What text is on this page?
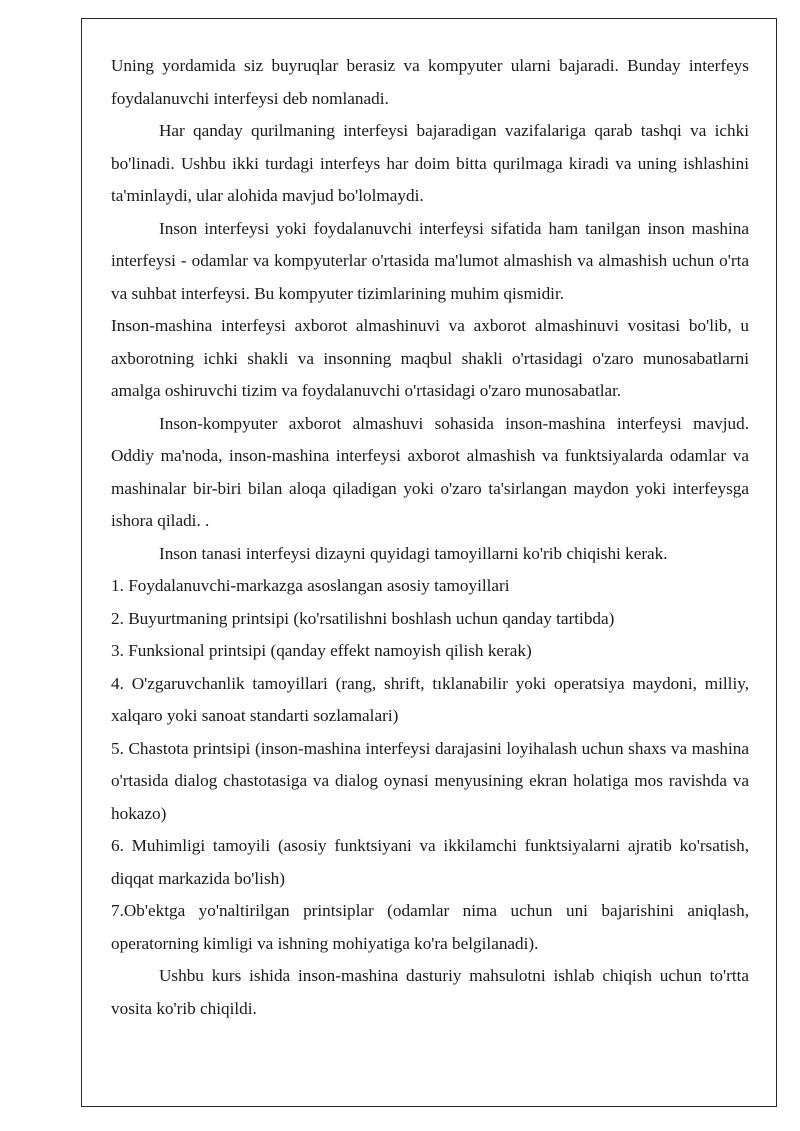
Uning yordamida siz buyruqlar berasiz va kompyuter ularni bajaradi. Bunday interfeys foydalanuvchi interfeysi deb nomlanadi.

Har qanday qurilmaning interfeysi bajaradigan vazifalariga qarab tashqi va ichki bo'linadi. Ushbu ikki turdagi interfeys har doim bitta qurilmaga kiradi va uning ishlashini ta'minlaydi, ular alohida mavjud bo'lolmaydi.

Inson interfeysi yoki foydalanuvchi interfeysi sifatida ham tanilgan inson mashina interfeysi - odamlar va kompyuterlar o'rtasida ma'lumot almashish va almashish uchun o'rta va suhbat interfeysi. Bu kompyuter tizimlarining muhim qismidir.

Inson-mashina interfeysi axborot almashinuvi va axborot almashinuvi vositasi bo'lib, u axborotning ichki shakli va insonning maqbul shakli o'rtasidagi o'zaro munosabatlarni amalga oshiruvchi tizim va foydalanuvchi o'rtasidagi o'zaro munosabatlar.

Inson-kompyuter axborot almashuvi sohasida inson-mashina interfeysi mavjud. Oddiy ma'noda, inson-mashina interfeysi axborot almashish va funktsiyalarda odamlar va mashinalar bir-biri bilan aloqa qiladigan yoki o'zaro ta'sirlangan maydon yoki interfeysga ishora qiladi. .

Inson tanasi interfeysi dizayni quyidagi tamoyillarni ko'rib chiqishi kerak.

1. Foydalanuvchi-markazga asoslangan asosiy tamoyillari

2. Buyurtmaning printsipi (ko'rsatilishni boshlash uchun qanday tartibda)

3. Funksional printsipi (qanday effekt namoyish qilish kerak)

4. O'zgaruvchanlik tamoyillari (rang, shrift, tıklanabilir yoki operatsiya maydoni, milliy, xalqaro yoki sanoat standarti sozlamalari)

5. Chastota printsipi (inson-mashina interfeysi darajasini loyihalash uchun shaxs va mashina o'rtasida dialog chastotasiga va dialog oynasi menyusining ekran holatiga mos ravishda va hokazo)

6. Muhimligi tamoyili (asosiy funktsiyani va ikkilamchi funktsiyalarni ajratib ko'rsatish, diqqat markazida bo'lish)

7.Ob'ektga yo'naltirilgan printsiplar (odamlar nima uchun uni bajarishini aniqlash, operatorning kimligi va ishning mohiyatiga ko'ra belgilanadi).

Ushbu kurs ishida inson-mashina dasturiy mahsulotni ishlab chiqish uchun to'rtta vosita ko'rib chiqildi.
